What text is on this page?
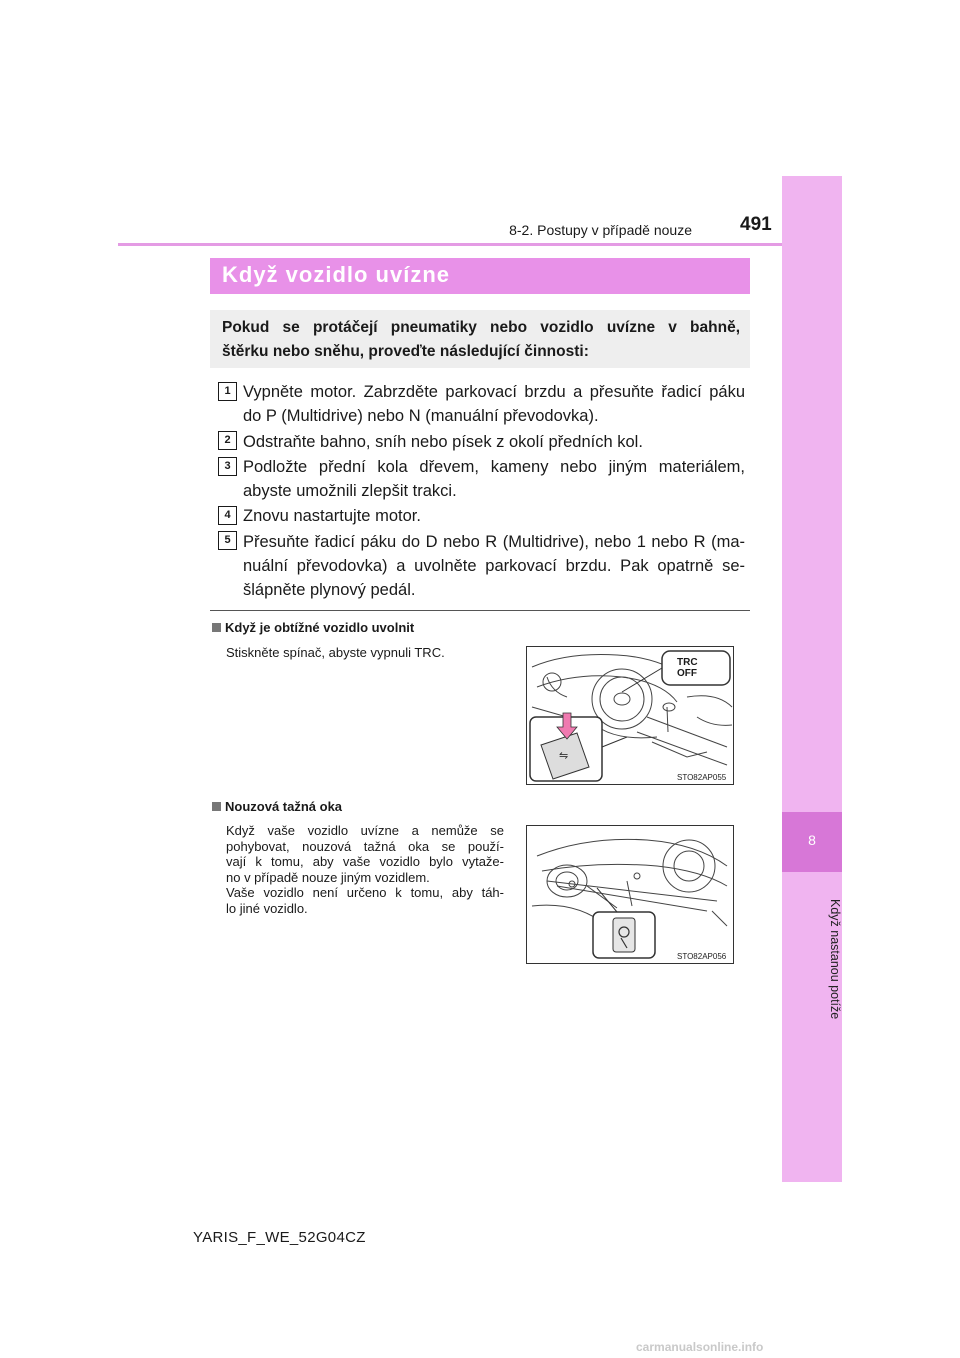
491
8-2. Postupy v případě nouze
8
Když nastanou potíže
Když vozidlo uvízne
Pokud se protáčejí pneumatiky nebo vozidlo uvízne v bahně,
štěrku nebo sněhu, proveďte následující činnosti:
1 Vypněte motor. Zabrzděte parkovací brzdu a přesuňte řadicí páku
do P (Multidrive) nebo N (manuální převodovka).
2 Odstraňte bahno, sníh nebo písek z okolí předních kol.
3 Podložte přední kola dřevem, kameny nebo jiným materiálem,
abyste umožnili zlepšit trakci.
4 Znovu nastartujte motor.
5 Přesuňte řadicí páku do D nebo R (Multidrive), nebo 1 nebo R (ma-
nuální převodovka) a uvolněte parkovací brzdu. Pak opatrně se-
šlápněte plynový pedál.
Když je obtížné vozidlo uvolnit
Stiskněte spínač, abyste vypnuli TRC.
⇋
TRC
OFF
STO82AP055
Nouzová tažná oka
Když vaše vozidlo uvízne a nemůže se
pohybovat, nouzová tažná oka se použí-
vají k tomu, aby vaše vozidlo bylo vytaže-
no v případě nouze jiným vozidlem.
Vaše vozidlo není určeno k tomu, aby táh-
lo jiné vozidlo.
STO82AP056
YARIS_F_WE_52G04CZ
carmanualsonline.info
